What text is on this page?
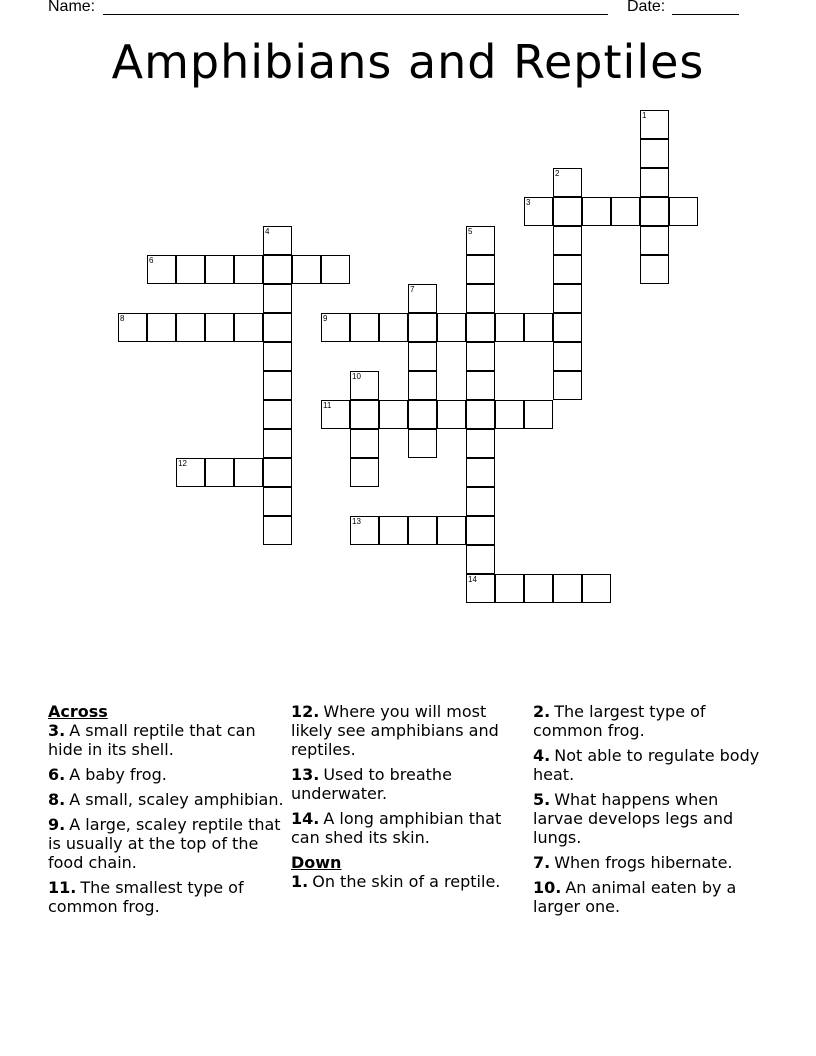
Name:	Date:
Amphibians and Reptiles
1
2
3
4	5
6
7
8	9
10
11
12
13
14
Across
3. A small reptile that can hide in its shell.
6. A baby frog.
8. A small, scaley amphibian.
9. A large, scaley reptile that is usually at the top of the food chain.
11. The smallest type of common frog.
12. Where you will most likely see amphibians and reptiles.
13. Used to breathe underwater.
14. A long amphibian that can shed its skin.
Down
1. On the skin of a reptile.
2. The largest type of common frog.
4. Not able to regulate body heat.
5. What happens when larvae develops legs and lungs.
7. When frogs hibernate.
10. An animal eaten by a larger one.
